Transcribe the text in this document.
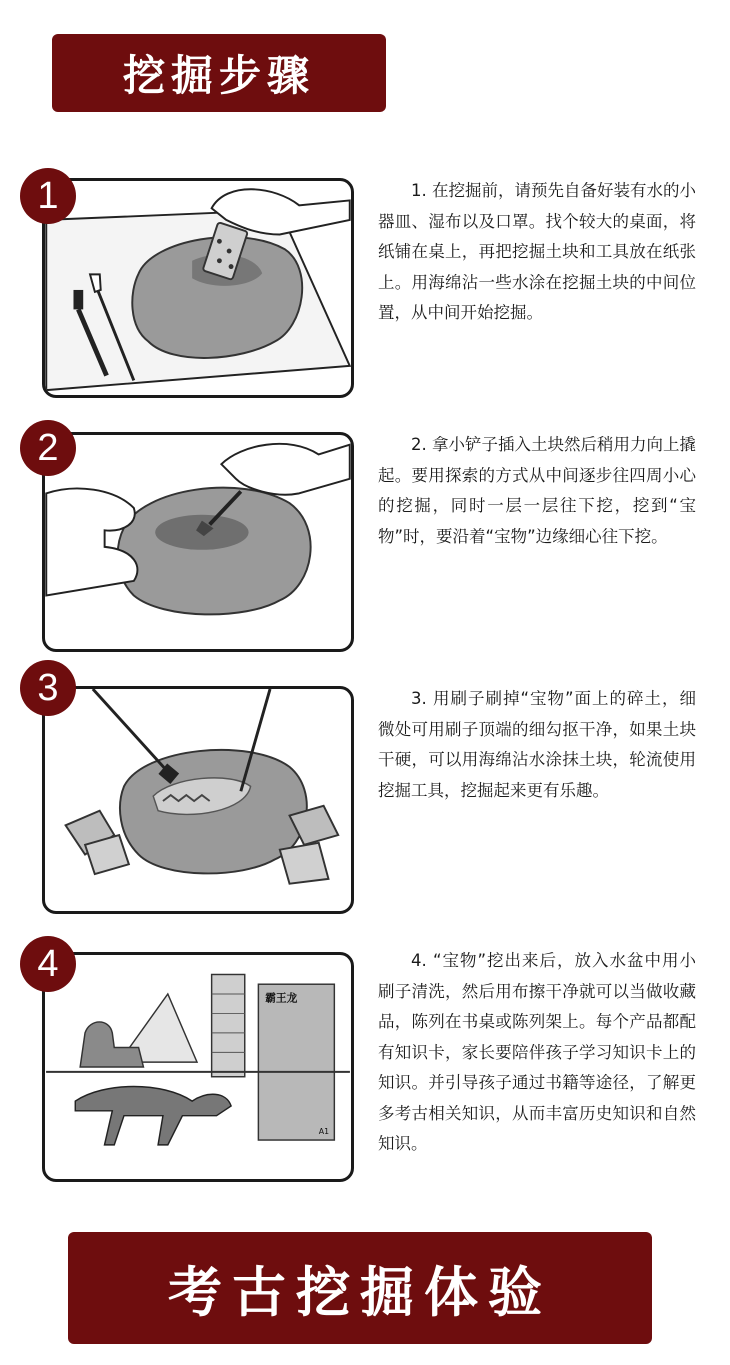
挖掘步骤
1	1. 在挖掘前，请预先自备好装有水的小器皿、湿布以及口罩。找个较大的桌面，将纸铺在桌上，再把挖掘土块和工具放在纸张上。用海绵沾一些水涂在挖掘土块的中间位置，从中间开始挖掘。

2	2. 拿小铲子插入土块然后稍用力向上撬起。要用探索的方式从中间逐步往四周小心的挖掘，同时一层一层往下挖，挖到“宝物”时，要沿着“宝物”边缘细心往下挖。

3	3. 用刷子刷掉“宝物”面上的碎土，细微处可用刷子顶端的细勾抠干净，如果土块干硬，可以用海绵沾水涂抹土块，轮流使用挖掘工具，挖掘起来更有乐趣。

4
霸王龙
A1

4. “宝物”挖出来后，放入水盆中用小刷子清洗，然后用布擦干净就可以当做收藏品，陈列在书桌或陈列架上。每个产品都配有知识卡，家长要陪伴孩子学习知识卡上的知识。并引导孩子通过书籍等途径，了解更多考古相关知识，从而丰富历史知识和自然知识。

考古挖掘体验
